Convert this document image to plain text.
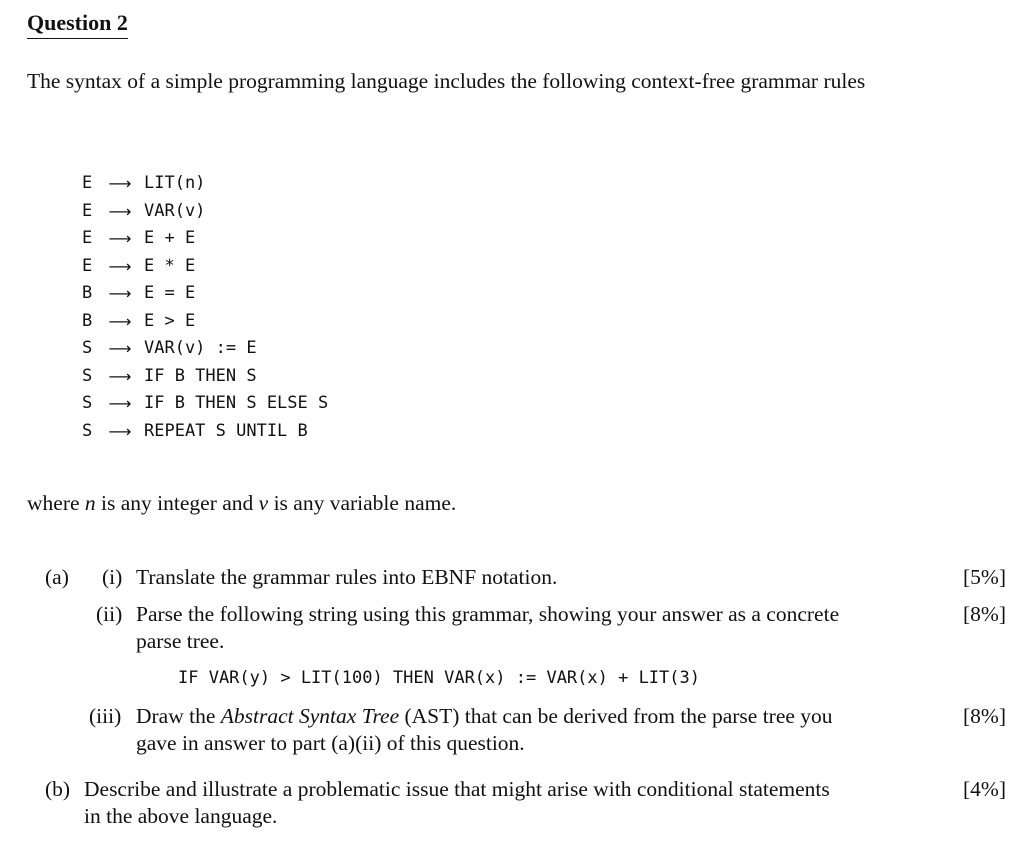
Question 2
The syntax of a simple programming language includes the following context-free grammar rules
E	⟶ LIT(n)
E	⟶ VAR(v)
E	⟶ E + E
E	⟶ E * E
B	⟶ E = E
B	⟶ E > E
S	⟶ VAR(v) := E
S	⟶ IF B THEN S
S	⟶ IF B THEN S ELSE S
S	⟶ REPEAT S UNTIL B
where n is any integer and v is any variable name.
(a) (i) Translate the grammar rules into EBNF notation.	[5%]
(ii) Parse the following string using this grammar, showing your answer as a concrete
parse tree.
[8%]
IF VAR(y) > LIT(100) THEN VAR(x) := VAR(x) + LIT(3)
(iii) Draw the Abstract Syntax Tree (AST) that can be derived from the parse tree you
gave in answer to part (a)(ii) of this question.
[8%]
(b) Describe and illustrate a problematic issue that might arise with conditional statements
in the above language.
[4%]
